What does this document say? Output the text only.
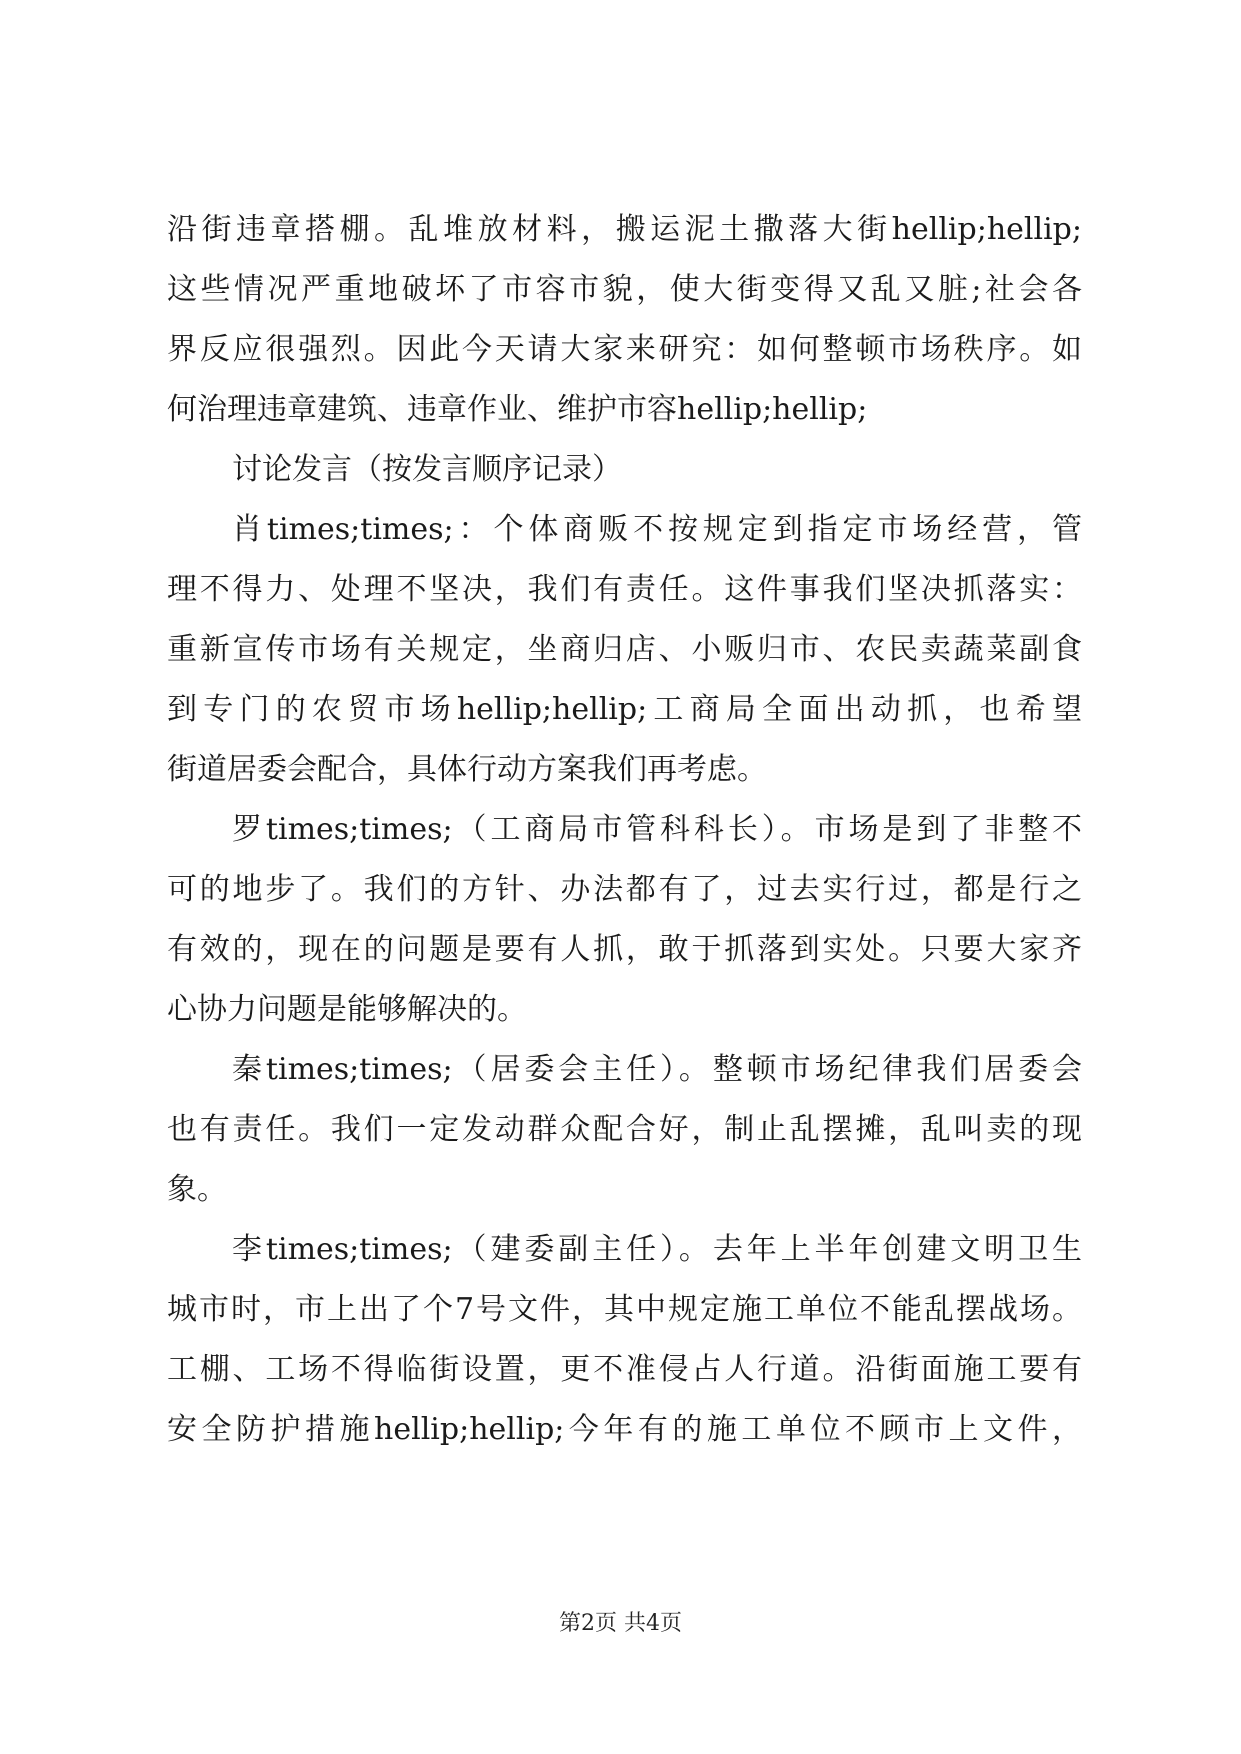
沿街违章搭棚。乱堆放材料，搬运泥土撒落大街hellip;hellip;
这些情况严重地破坏了市容市貌，使大街变得又乱又脏;社会各
界反应很强烈。因此今天请大家来研究：如何整顿市场秩序。如
何治理违章建筑、违章作业、维护市容hellip;hellip;
讨论发言（按发言顺序记录）
肖times;times;：个体商贩不按规定到指定市场经营，管
理不得力、处理不坚决，我们有责任。这件事我们坚决抓落实：
重新宣传市场有关规定，坐商归店、小贩归市、农民卖蔬菜副食
到专门的农贸市场hellip;hellip;工商局全面出动抓，也希望
街道居委会配合，具体行动方案我们再考虑。
罗times;times;（工商局市管科科长）。市场是到了非整不
可的地步了。我们的方针、办法都有了，过去实行过，都是行之
有效的，现在的问题是要有人抓，敢于抓落到实处。只要大家齐
心协力问题是能够解决的。
秦times;times;（居委会主任）。整顿市场纪律我们居委会
也有责任。我们一定发动群众配合好，制止乱摆摊，乱叫卖的现
象。
李times;times;（建委副主任）。去年上半年创建文明卫生
城市时，市上出了个7号文件，其中规定施工单位不能乱摆战场。
工棚、工场不得临街设置，更不准侵占人行道。沿街面施工要有
安全防护措施hellip;hellip;今年有的施工单位不顾市上文件，
第2页 共4页
